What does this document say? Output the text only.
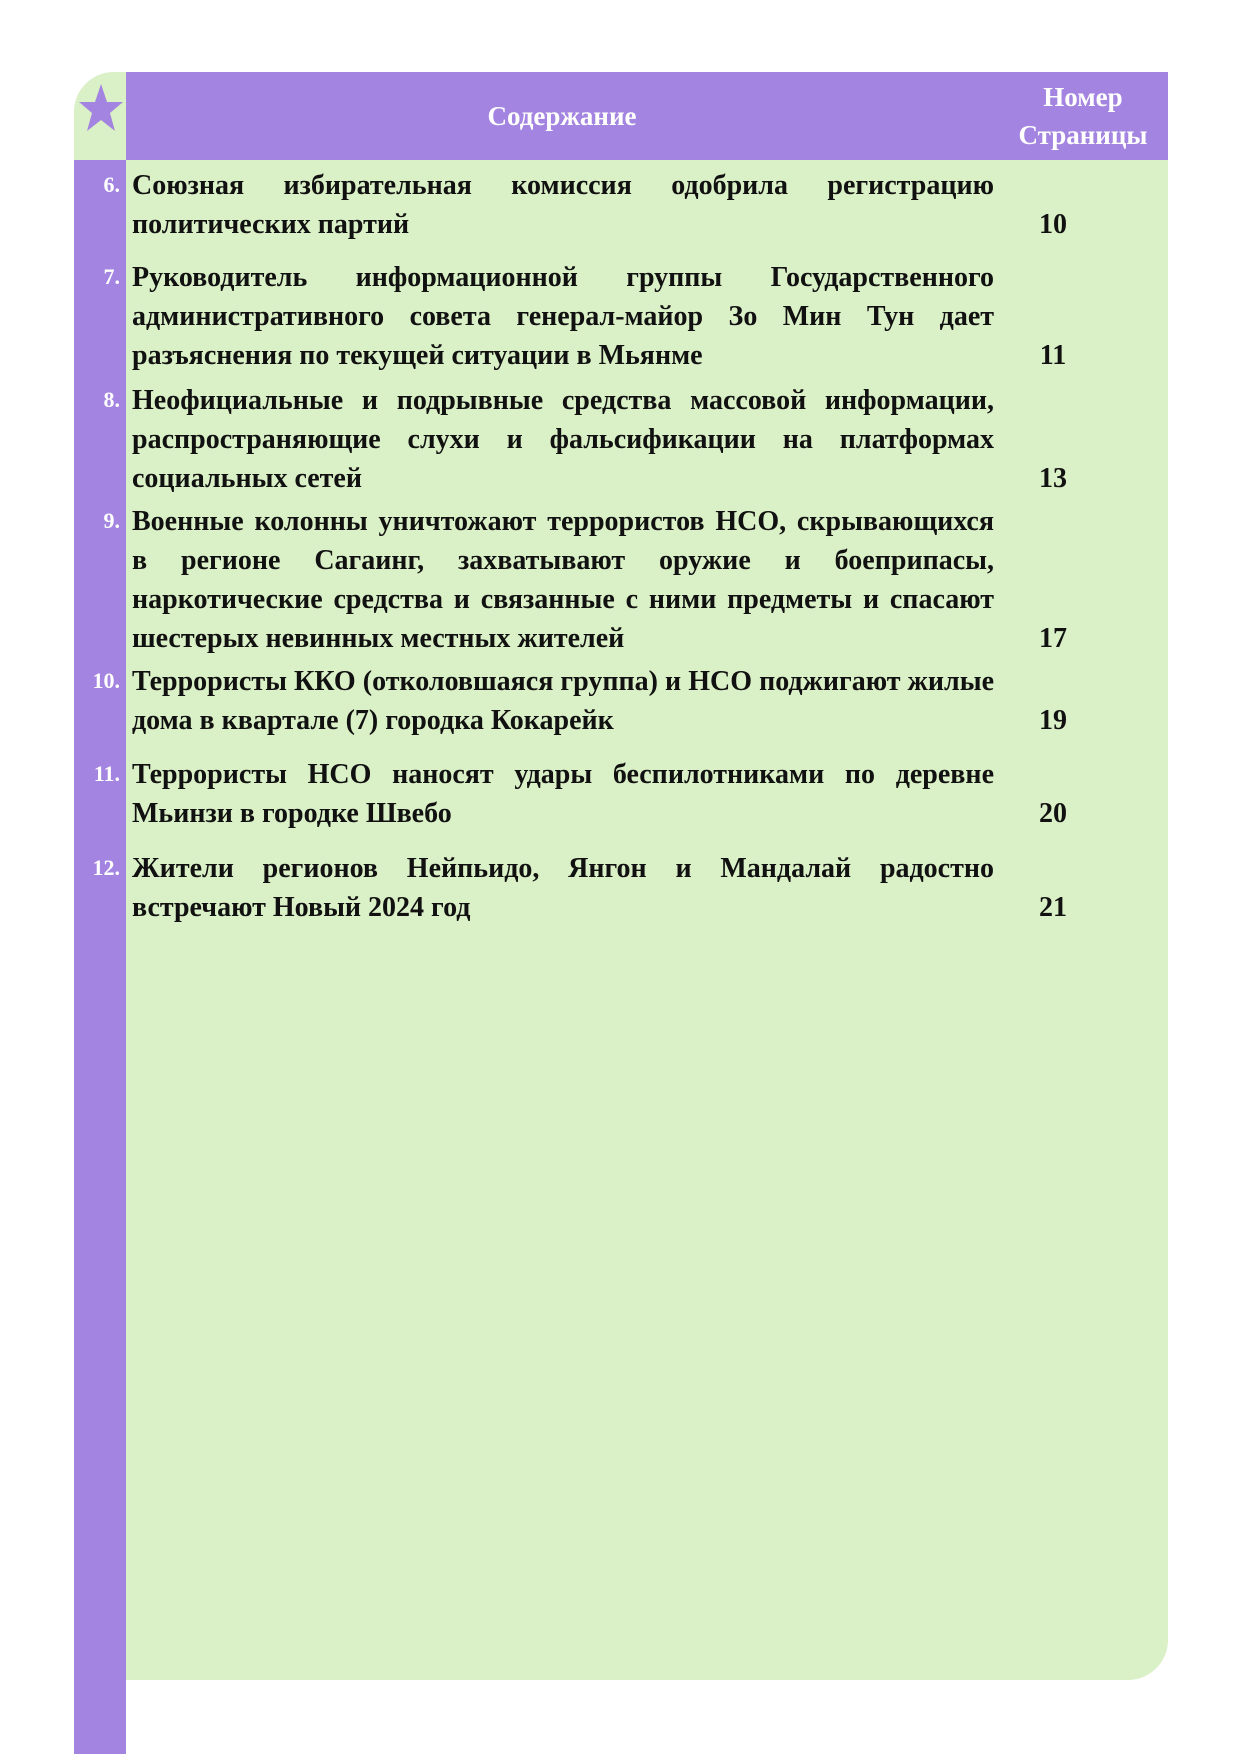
Содержание
Номер
Страницы
6. Союзная избирательная комиссия одобрила регистрацию политических партий	10
7. Руководитель информационной группы Государственного административного совета генерал-майор Зо Мин Тун дает разъяснения по текущей ситуации в Мьянме	11
8. Неофициальные и подрывные средства массовой информации, распространяющие слухи и фальсификации на платформах социальных сетей	13
9. Военные колонны уничтожают террористов НСО, скрывающихся в регионе Сагаинг, захватывают оружие и боеприпасы, наркотические средства и связанные с ними предметы и спасают шестерых невинных местных жителей	17
10. Террористы ККО (отколовшаяся группа) и НСО поджигают жилые дома в квартале (7) городка Кокарейк	19
11. Террористы НСО наносят удары беспилотниками по деревне Мьинзи в городке Швебо	20
12. Жители регионов Нейпьидо, Янгон и Мандалай радостно встречают Новый 2024 год	21
